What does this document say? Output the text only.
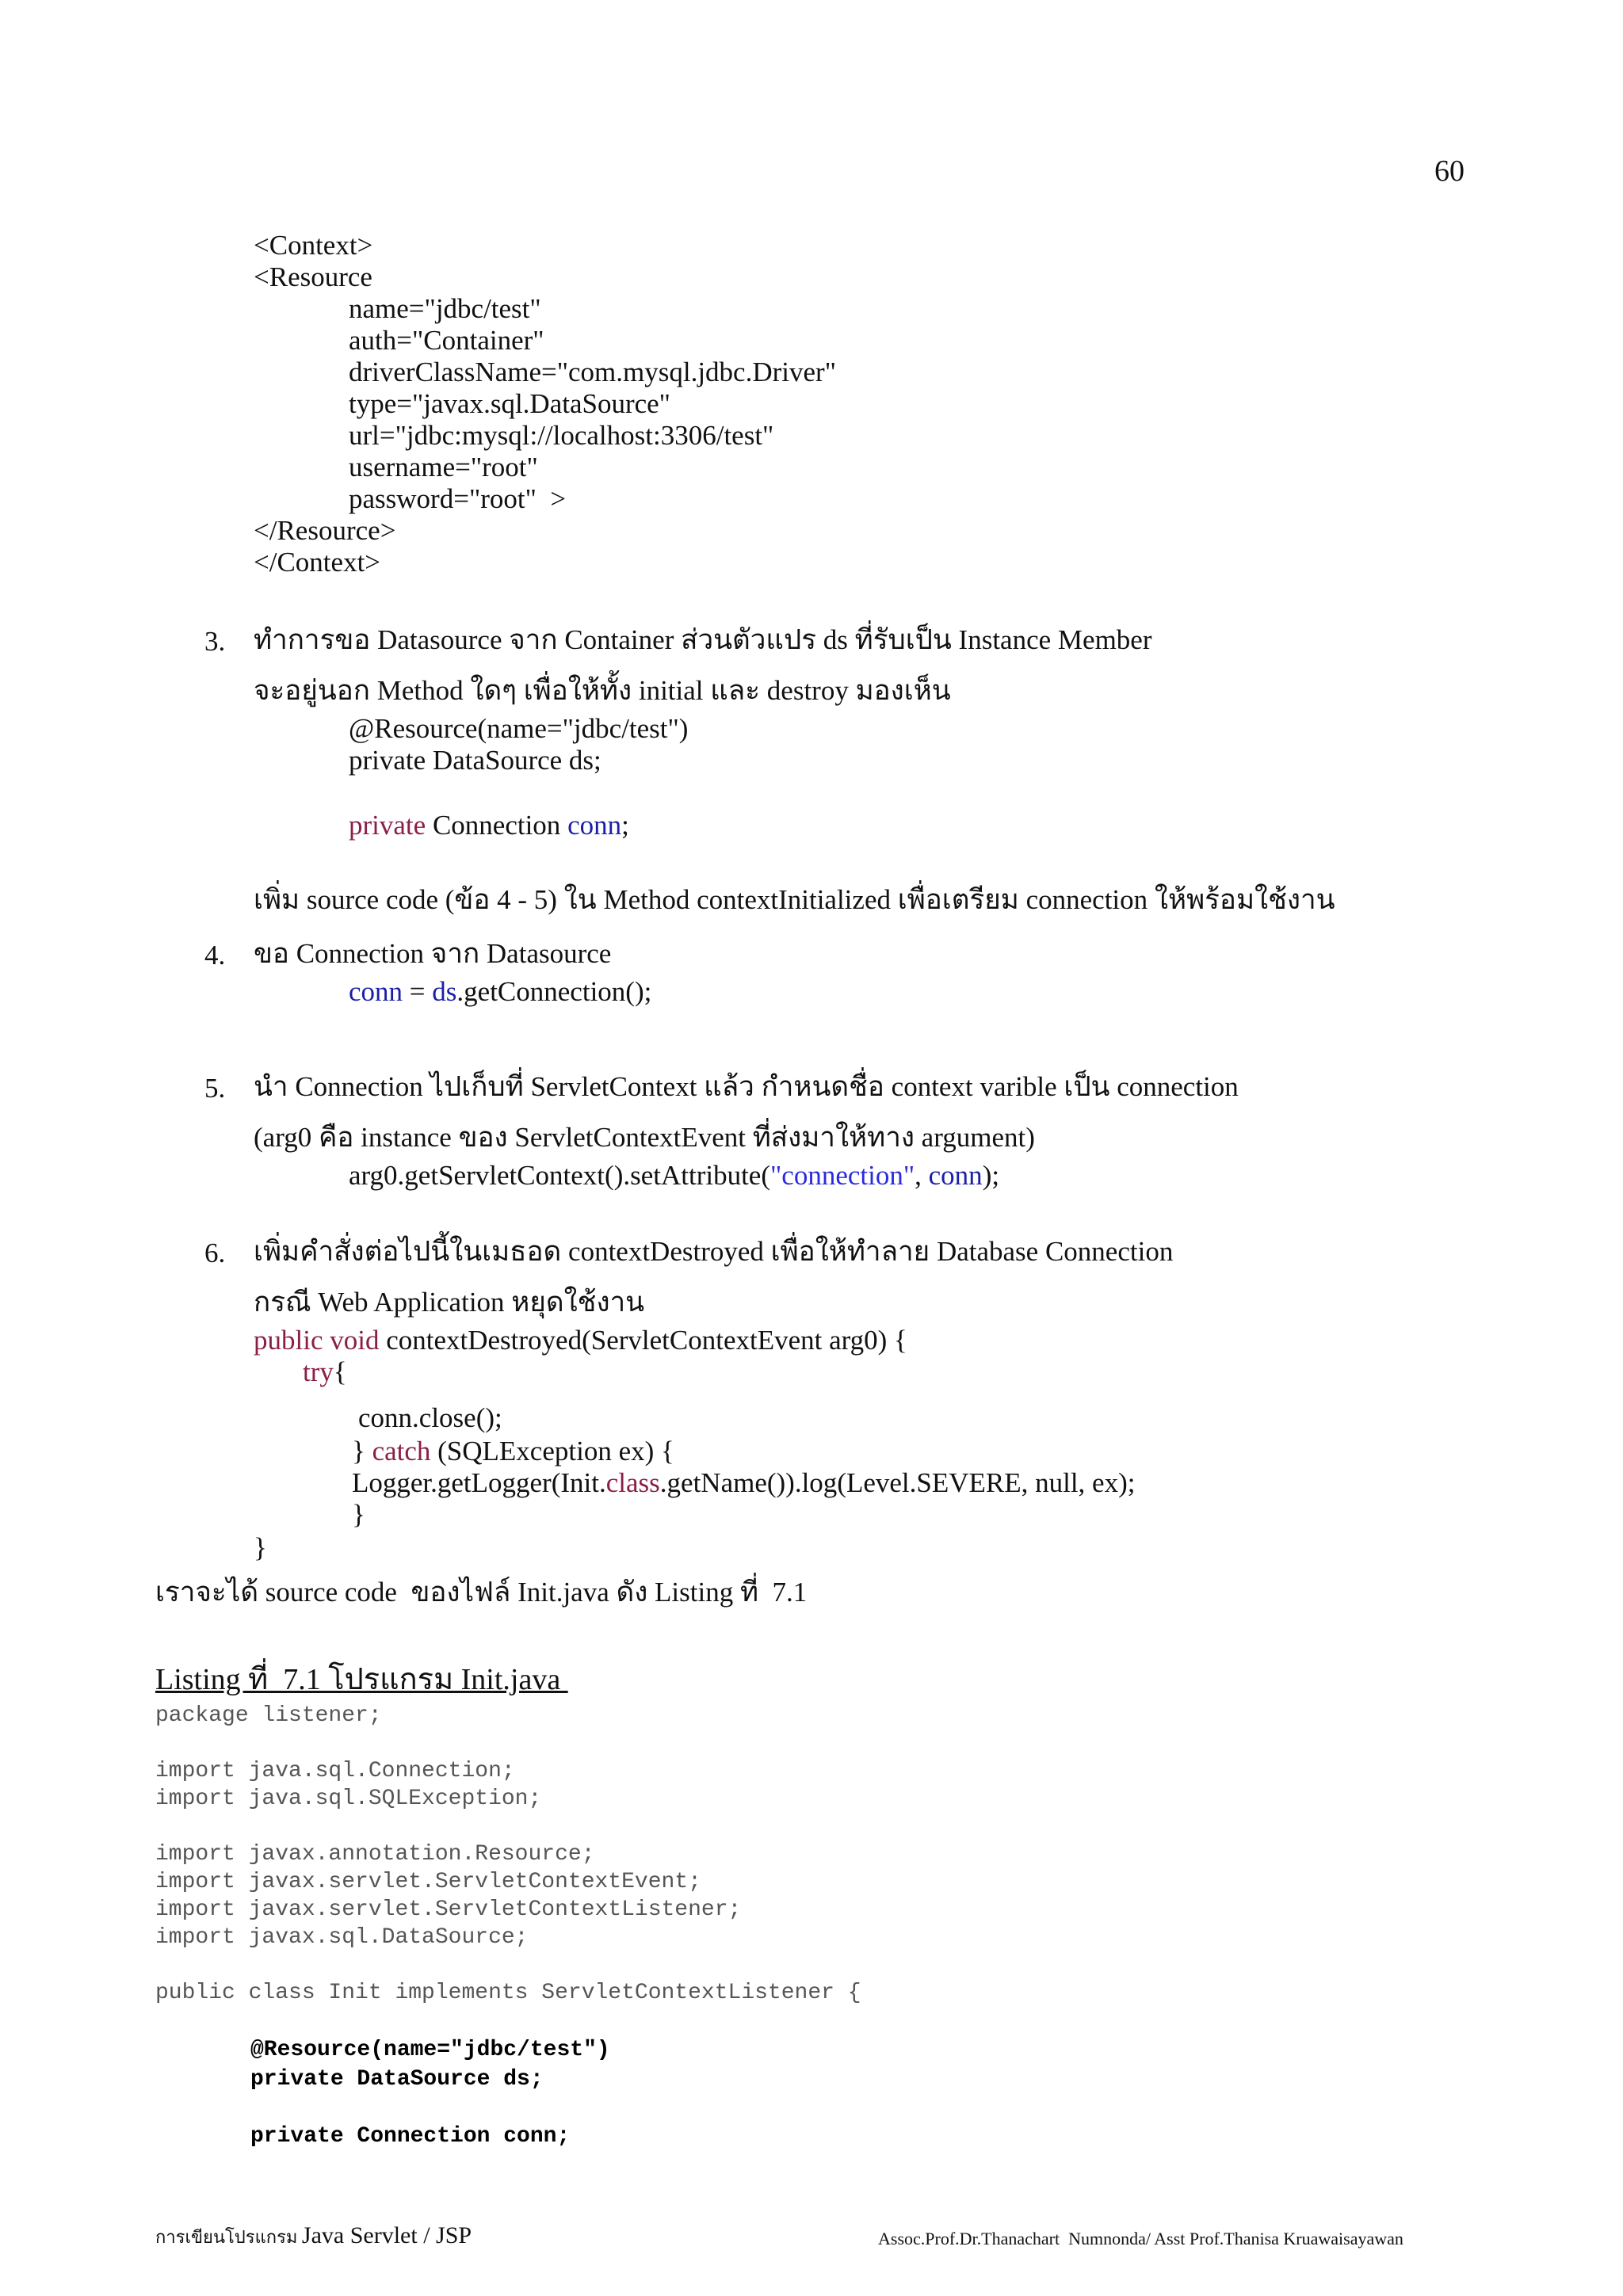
60
<Context>
<Resource
name="jdbc/test"
auth="Container"
driverClassName="com.mysql.jdbc.Driver"
type="javax.sql.DataSource"
url="jdbc:mysql://localhost:3306/test"
username="root"
password="root"  >
</Resource>
</Context>
3. ทำการขอ Datasource จาก Container ส่วนตัวแปร ds ที่รับเป็น Instance Member
จะอยู่นอก Method ใดๆ เพื่อให้ทั้ง initial และ destroy มองเห็น
@Resource(name="jdbc/test")
private DataSource ds;
private Connection conn;
เพิ่ม source code (ข้อ 4 - 5) ใน Method contextInitialized เพื่อเตรียม connection ให้พร้อมใช้งาน
4. ขอ Connection จาก Datasource
conn = ds.getConnection();
5. นำ Connection ไปเก็บที่ ServletContext แล้ว กำหนดชื่อ context varible เป็น connection
(arg0 คือ instance ของ ServletContextEvent ที่ส่งมาให้ทาง argument)
arg0.getServletContext().setAttribute("connection", conn);
6. เพิ่มคำสั่งต่อไปนี้ในเมธอด contextDestroyed เพื่อให้ทำลาย Database Connection
กรณี Web Application หยุดใช้งาน
public void contextDestroyed(ServletContextEvent arg0) {
try{
conn.close();
} catch (SQLException ex) {
Logger.getLogger(Init.class.getName()).log(Level.SEVERE, null, ex);
}
}
เราจะได้ source code  ของไฟล์ Init.java ดัง Listing ที่  7.1
Listing ที่  7.1 โปรแกรม Init.java
package listener;
import java.sql.Connection;
import java.sql.SQLException;
import javax.annotation.Resource;
import javax.servlet.ServletContextEvent;
import javax.servlet.ServletContextListener;
import javax.sql.DataSource;
public class Init implements ServletContextListener {
@Resource(name="jdbc/test")
private DataSource ds;
private Connection conn;
การเขียนโปรแกรม Java Servlet / JSP	Assoc.Prof.Dr.Thanachart  Numnonda/ Asst Prof.Thanisa Kruawaisayawan
